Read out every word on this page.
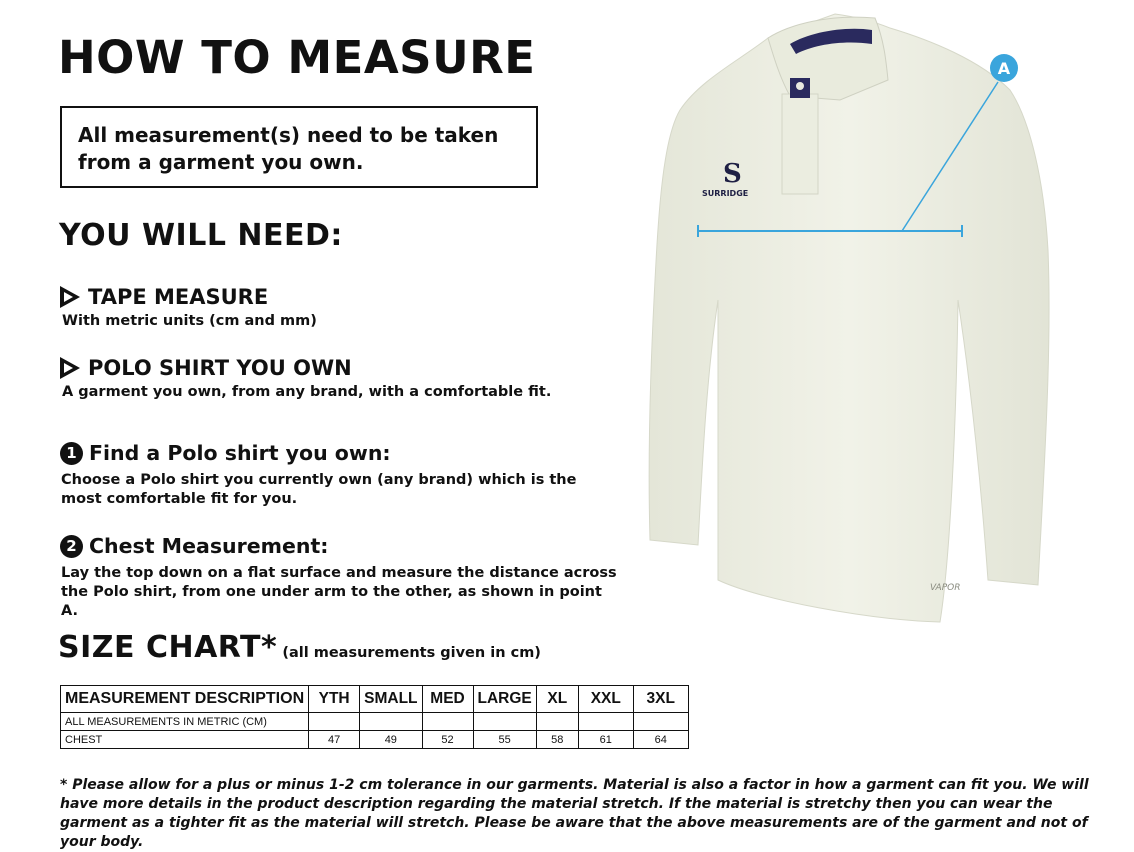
HOW TO MEASURE
All measurement(s) need to be taken from a garment you own.
YOU WILL NEED:
TAPE MEASURE
With metric units (cm and mm)
POLO SHIRT YOU OWN
A garment you own, from any brand, with a comfortable fit.
1 Find a Polo shirt you own:
Choose a Polo shirt you currently own (any brand) which is the most comfortable fit for you.
2 Chest Measurement:
Lay the top down on a flat surface and measure the distance across the Polo shirt, from one under arm to the other, as shown in point A.
SIZE CHART* (all measurements given in cm)
MEASUREMENT DESCRIPTION	YTH	SMALL	MED	LARGE	XL	XXL	3XL
ALL MEASUREMENTS IN METRIC (CM)							
CHEST	47	49	52	55	58	61	64
* Please allow for a plus or minus 1-2 cm tolerance in our garments. Material is also a factor in how a garment can fit you. We will have more details in the product description regarding the material stretch. If the material is stretchy then you can wear the garment as a tighter fit as the material will stretch. Please be aware that the above measurements are of the garment and not of your body.
S
SURRIDGE
VAPOR
A
